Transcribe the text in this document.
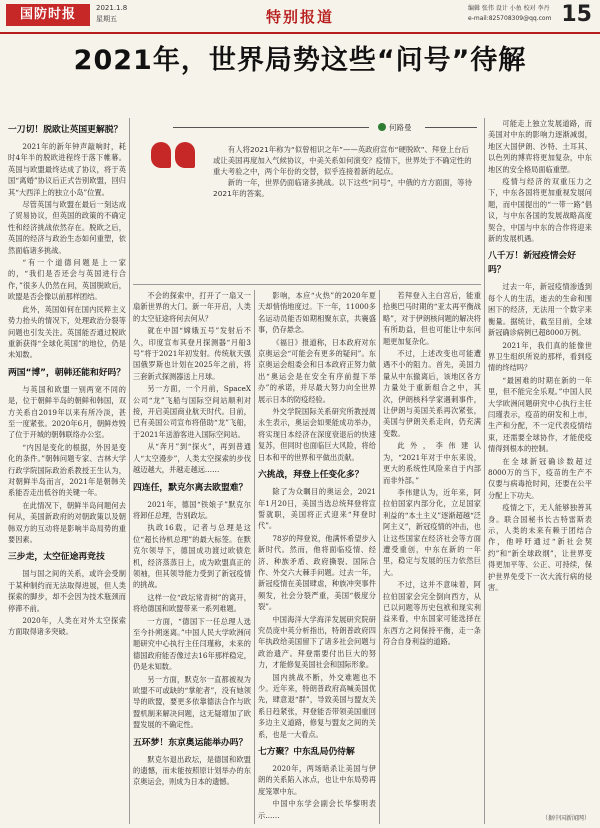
国防时报	2021.1.8
星期五	特别报道	编辑 张伟 设计 小鱼 校对 李丹
e-mail:825708309@qq.com 15
2021年，世界局势这些“问号”待解
何路曼

有人将2021年称为“似曾相识之年”——英政府宣布“硬脱欧”、拜登上台后或让美国再度加入气候协议，中美关系如何演变？疫情下，世界处于不确定性的重大考验之中，两个年份的交替，似乎连接着新的起点。

新的一年，世界仍面临诸多挑战。以下这些“问号”，中俄的方方面面，等待2021年的答案。

一刀切！脱欧让英国更解脱？

2021年的新年钟声敲响时，耗时4年半的脱欧进程终于落下帷幕。英国与欧盟最终达成了协议，将于英国“离婚”协议后正式告别欧盟，回归其“大西洋上的独立小岛”位置。

尽管英国与欧盟在最后一刻达成了贸易协议，但英国的政策的不确定性和经济挑战依然存在。脱欧之后，英国的经济与政治生态如何重塑，依然面临诸多挑战。

“有一个道德问题是上一家的，“我们是否还会与英国进行合作，”很多人仍然在问，英国脱欧后，欧盟是否会像以前那样团结。

此外，英国如何在国内民粹主义势力抬头的情况下，处理政治分裂等问题也引发关注。英国能否通过脱欧重新获得“全球化英国”的地位，仍是未知数。

两国“博”，朝韩还能和好吗？

与英国和欧盟一别两宽不同的是，位于朝鲜半岛的朝鲜和韩国，双方关系自2019年以来有所冷淡，甚至一度紧张。2020年6月，朝鲜炸毁了位于开城的朝韩联络办公室。

“内因是变化的根据，外因是变化的条件。”朝韩问题专家、吉林大学行政学院国际政治系教授王生认为，对朝鲜半岛而言，2021年是朝韩关系能否走出低谷的关键一年。

在此情况下，朝鲜半岛问题何去何从，美国新政府的对朝政策以及朝韩双方的互动将是影响半岛局势的重要因素。

三步走，太空征途再竞技

国与国之间的关系，或许会受制于某种制约而无法取得进展，但人类探索的脚步，却不会因为技术瓶颈而停滞不前。

2020年，人类在对外太空探索方面取得诸多突破。

不会的探索中，打开了一扇又一扇新世界的大门。新一年开启，人类的太空征途将何去何从？

就在中国“嫦娥五号”发射后不久，印度宣布其登月探测器“月船3号”将于2021年初发射。传统航天强国俄罗斯也计划在2025年之前，将三套新式探测器送上月球。

另一方面，一个月前，SpaceX公司“龙”飞船与国际空间站顺利对接，开启美国商业航天时代。目前，已有美国公司宣布将借助“龙”飞船，于2021年送游客进入国际空间站。

从“奔月”到“探火”，再到普通人“太空漫步”，人类太空探索的步伐越迈越大，并越走越远……

四连任，默克尔离去欧盟难？

2021年，德国“铁娘子”默克尔将卸任总理，告别政坛。

执政16载，记者与总理是这位“超长待机总理”的最大标签。在默克尔领导下，德国成功渡过欧债危机，经济蒸蒸日上，成为欧盟真正的领袖，但其领导能力受到了新冠疫情的挑战。

这样一位“政坛常青树”的离开，将给德国和欧盟带来一系列难题。

一方面，“德国下一任总理人选至今扑朔迷离。”中国人民大学欧洲问题研究中心执行主任闫瑾称，未来的德国政府能否像过去16年那样稳定，仍是未知数。

另一方面，默克尔一直都被视为欧盟不可或缺的“掌舵者”，没有她领导的欧盟，要更多依靠德法合作与欧盟机制来解决问题，这无疑增加了欧盟发展的不确定性。

五环梦！东京奥运能举办吗？

默克尔退出政坛，是德国和欧盟的遗憾，而未能按照原计划举办的东京奥运会，则成为日本的遗憾。

影响，本应“火热”的2020年夏天却悄悄地度过。下一年，11000多名运动员能否如期相聚东京，共襄盛事，仍存悬念。

《福日》报道称，日本政府对东京奥运会“可能会有更多的疑问”。东京奥运会组委会和日本政府正努力做出“奥运会是在安全有序前提下举办”的承诺，并尽最大努力向全世界展示日本的防疫经验。

外交学院国际关系研究所教授周永生表示，奥运会如果能成功举办，将实现日本经济在深度衰退后的快速复苏，但同时也面临巨大风险，将给日本和平的世界和平做出贡献。

六挑战，拜登上任变化多？

除了为众瞩目的奥运会，2021年1月20日，美国当选总统拜登将宣誓就职，美国将正式迎来“拜登时代”。

78岁的拜登说，他满怀希望步入新时代。然而，他将面临疫情、经济、种族矛盾、政府撕裂、国际合作、外交六大棘手问题。过去一年，新冠疫情在美国肆虐，种族冲突事件频发，社会分裂严重，美国“极度分裂”。

中国海洋大学海洋发展研究院研究员庞中英分析指出，特朗普政府四年执政给美国留下了诸多社会问题与政治遗产。拜登需要付出巨大的努力，才能修复美国社会和国际形象。

国内挑战不断，外交难题也不少。近年来，特朗普政府高喊美国优先，肆意退“群”，导致美国与盟友关系日趋紧张，拜登能否带领美国重回多边主义道路，修复与盟友之间的关系，也是一大看点。

七方聚？中东乱局仍待解

2020年，两场暗杀让美国与伊朗的关系陷入冰点，也让中东局势再度笼罩中东。

中国中东学会副会长华黎明表示……

若拜登入主白宫后，能重拾奥巴马时期的“亚太再平衡战略”，对于伊朗核问题的解决将有所助益，但也可能让中东问题更加复杂化。

不过，上述改变也可能遭遇不小的阻力。首先，美国力量从中东撤离后，该地区各方力量处于重新组合之中，其次，伊朗核科学家遇刺事件，让伊朗与美国关系再次紧张，美国与伊朗关系走向，仍充满变数。

此外，李伟建认为，“2021年对于中东来说，更大的系统性风险来自于内部而非外部。”

李伟建认为，近年来，阿拉伯国家内部分化，立足国家利益的“本土主义”逐渐超越“泛阿主义”，新冠疫情的冲击，也让这些国家在经济社会等方面遭受重创，中东在新的一年里，稳定与发展的压力依然巨大。

不过，这并不意味着，阿拉伯国家会完全倒向西方，从已以问题等历史包袱和现实利益来看，中东国家可能选择在东西方之间保持平衡，走一条符合自身利益的道路。

可能走上独立发展道路，而美国对中东的影响力逐渐减弱，地区大国伊朗、沙特、土耳其、以色列的博弈将更加复杂，中东地区的安全格局面临重塑。

疫情与经济的双重压力之下，中东各国将更加重视发展问题，而中国提出的“一带一路”倡议，与中东各国的发展战略高度契合，中国与中东的合作将迎来新的发展机遇。

八千万！新冠疫情会好吗？

过去一年，新冠疫情渗透到每个人的生活，逝去的生命和围困下的经济，无法用一个数字来衡量。据统计，截至目前，全球新冠确诊病例已超8000万例。

2021年，我们真的能像世界卫生组织所说的那样，看到疫情的终结吗？

“最困难的时期在新的一年里，但不能完全乐观。”中国人民大学欧洲问题研究中心执行主任闫瑾表示，疫苗的研发和上市，生产和分配，不一定代表疫情结束，还需要全球协作，才能使疫情得到根本的控制。

在全球新冠确诊数超过8000万的当下，疫苗的生产不仅要与病毒抢时间，还要在公平分配上下功夫。

疫情之下，无人能够独善其身。联合国秘书长古特雷斯表示，人类的未来有赖于团结合作，他呼吁通过“新社会契约”和“新全球政纲”，让世界变得更加平等、公正、可持续，保护世界免受下一次大流行病的侵害。

（据中国新闻网）
